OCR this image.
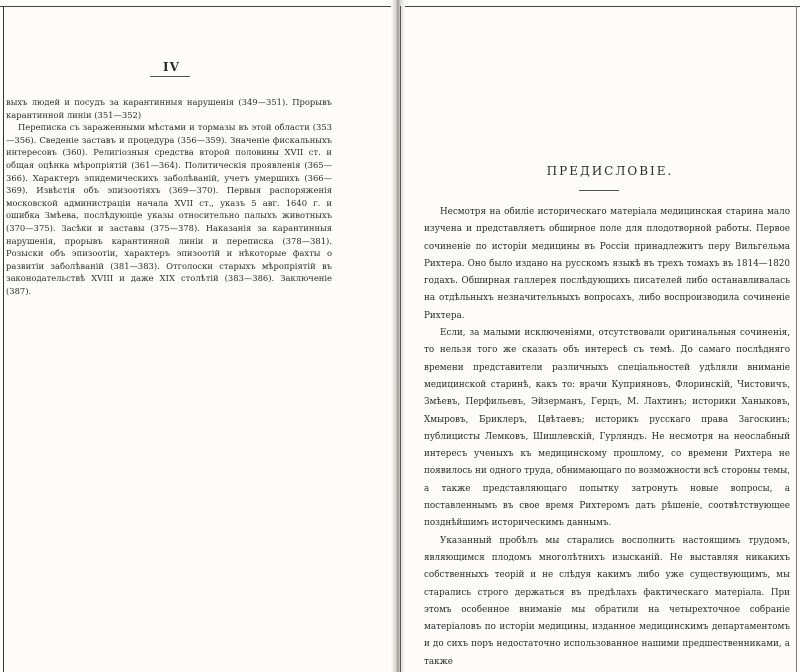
IV

выхъ людей и посудъ за карантинныя нарушенія (349—351). Прорывъ карантинной линіи (351—352)

Переписка съ зараженными мѣстами и тормазы въ этой области (353—356). Сведеніе заставъ и процедура (356—359). Значеніе фискальныхъ интересовъ (360). Религіозныя средства второй половины XVII ст. и общая оцѣнка мѣропріятій (361—364). Политическія проявленія (365—366). Характеръ эпидемическихъ заболѣваній, учетъ умершихъ (366—369). Извѣстія объ эпизоотіяхъ (369—370). Первыя распоряженія московской администраціи начала XVII ст., указъ 5 авг. 1640 г. и ошибка Змѣева, послѣдующіе указы относительно палыхъ животныхъ (370—375). Засѣки и заставы (375—378). Наказанія за карантинныя нарушенія, прорывъ карантинной линіи и переписка (378—381). Розыски объ эпизоотіи, характеръ эпизоотій и нѣкоторые фахты о развитіи заболѣваній (381—383). Отголоски старыхъ мѣропріятій въ законодательствѣ XVIII и даже XIX столѣтій (383—386). Заключеніе (387).

ПРЕДИСЛОВІЕ.

Несмотря на обиліе историческаго матеріала медицинская старина мало изучена и представляетъ обширное поле для плодотворной работы. Первое сочиненіе по исторіи медицины въ Россіи принадлежитъ перу Вильгельма Рихтера. Оно было издано на русскомъ языкѣ въ трехъ томахъ въ 1814—1820 годахъ. Обширная галлерея послѣдующихъ писателей либо останавливалась на отдѣльныхъ незначительныхъ вопросахъ, либо воспроизводила сочиненіе Рихтера.

Если, за малыми исключеніями, отсутствовали оригинальныя сочиненія, то нельзя того же сказать объ интересѣ съ темѣ. До самаго послѣдняго времени представители различныхъ спеціальностей удѣляли вниманіе медицинской старинѣ, какъ то: врачи Куприяновъ, Флоринскій, Чистовичъ, Змѣевъ, Перфильевъ, Эйзерманъ, Герцъ, М. Лахтинъ; историки Ханыковъ, Хмыровъ, Бриклеръ, Цвѣтаевъ; историкъ русскаго права Загоскинъ; публицисты Лемковъ, Шишлевскій, Гурляндъ. Не несмотря на неослабный интересъ ученыхъ къ медицинскому прошлому, со времени Рихтера не появилось ни одного труда, обнимающаго по возможности всѣ стороны темы, а также представляющаго попытку затронуть новые вопросы, а поставленнымъ въ свое время Рихтеромъ дать рѣшеніе, соотвѣтствующее позднѣйшимъ историческимъ даннымъ.

Указанный пробѣлъ мы старались восполнить настоящимъ трудомъ, являющимся плодомъ многолѣтнихъ изысканій. Не выставляя никакихъ собственныхъ теорій и не слѣдуя какимъ либо уже существующимъ, мы старались строго держаться въ предѣлахъ фактическаго матеріала. При этомъ особенное вниманіе мы обратили на четырехточное собраніе матеріаловъ по исторіи медицины, изданное медицинскимъ департаментомъ и до сихъ поръ недостаточно использованное нашими предшественниками, а также
